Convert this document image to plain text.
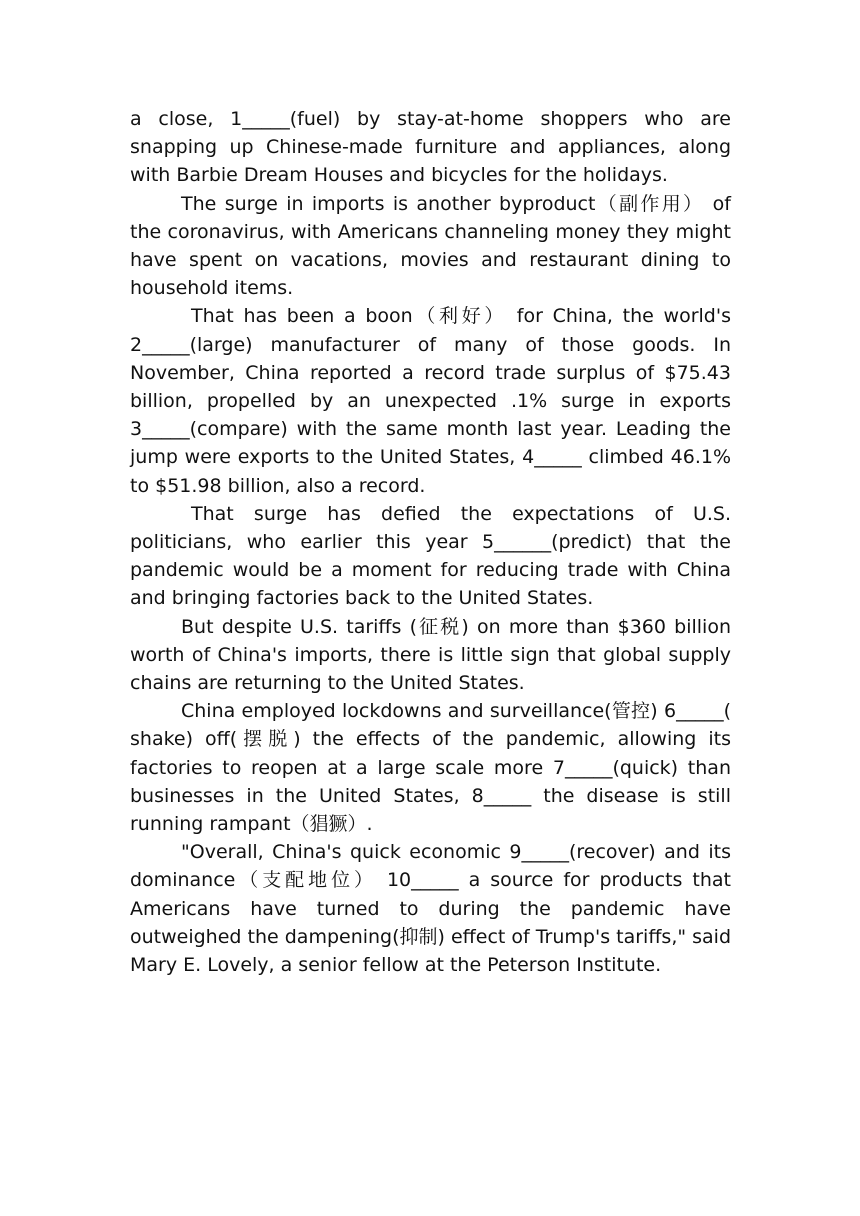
a close, 1_____(fuel) by stay-at-home shoppers who are snapping up Chinese-made furniture and appliances, along with Barbie Dream Houses and bicycles for the holidays.

The surge in imports is another byproduct（副作用） of the coronavirus, with Americans channeling money they might have spent on vacations, movies and restaurant dining to household items.

That has been a boon（利好） for China, the world's 2_____(large) manufacturer of many of those goods. In November, China reported a record trade surplus of $75.43 billion, propelled by an unexpected .1% surge in exports 3_____(compare) with the same month last year. Leading the jump were exports to the United States, 4_____ climbed 46.1% to $51.98 billion, also a record.

That surge has defied the expectations of U.S. politicians, who earlier this year 5______(predict) that the pandemic would be a moment for reducing trade with China and bringing factories back to the United States.

But despite U.S. tariffs (征税) on more than $360 billion worth of China's imports, there is little sign that global supply chains are returning to the United States.

China employed lockdowns and surveillance(管控) 6_____( shake) off(摆脱) the effects of the pandemic, allowing its factories to reopen at a large scale more 7_____(quick) than businesses in the United States, 8_____ the disease is still running rampant（猖獗）.

"Overall, China's quick economic 9_____(recover) and its dominance（支配地位） 10_____ a source for products that Americans have turned to during the pandemic have outweighed the dampening(抑制) effect of Trump's tariffs," said Mary E. Lovely, a senior fellow at the Peterson Institute.
